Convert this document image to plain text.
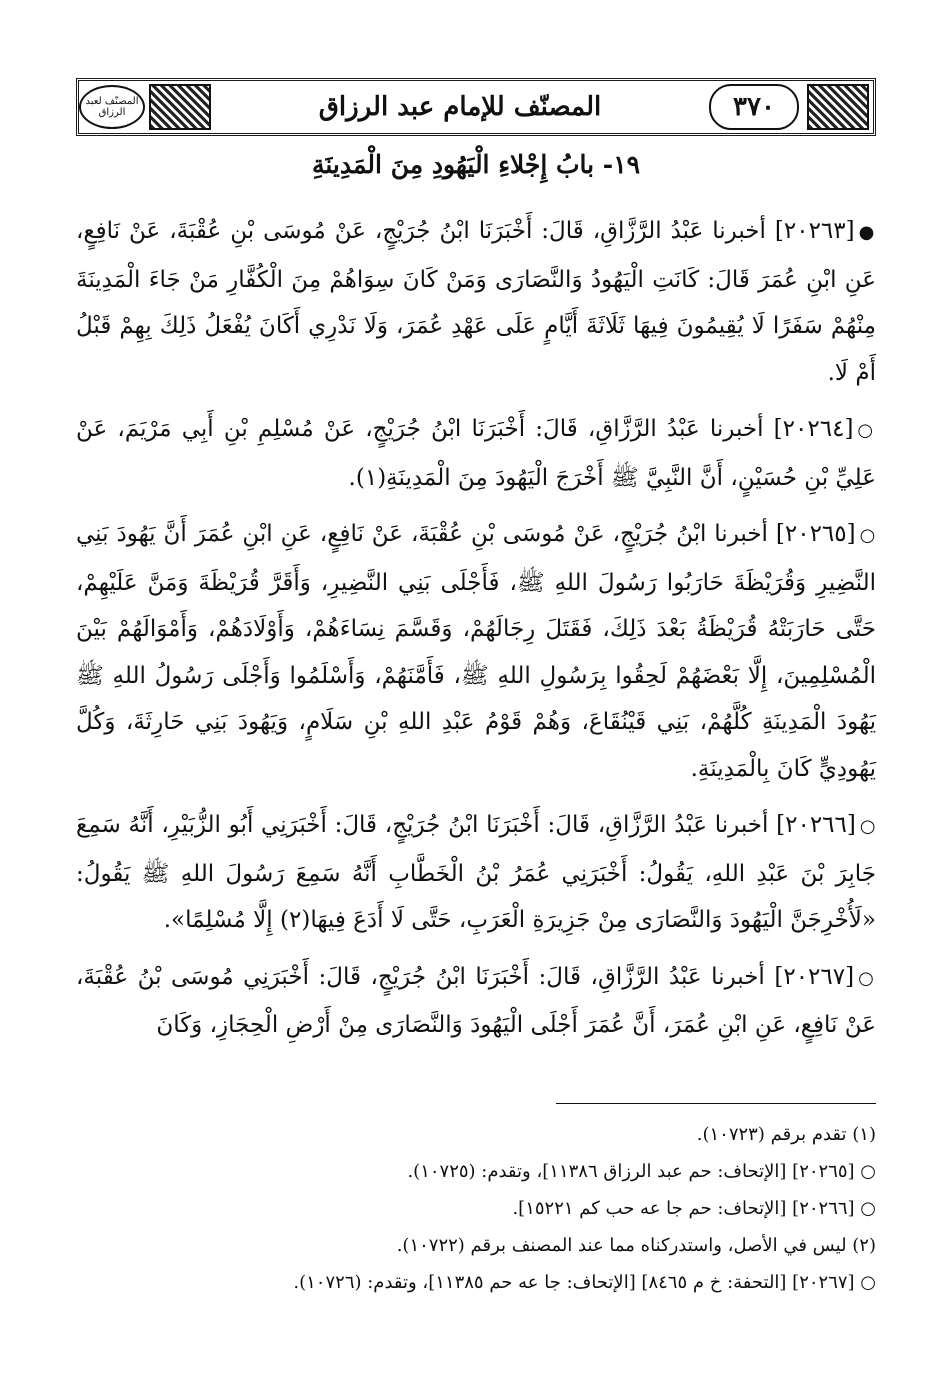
المصنّف لعبد الرزاق	المصنّف للإمام عبد الرزاق	٣٧٠
١٩- بابُ إِجْلاءِ الْيَهُودِ مِنَ الْمَدِينَةِ

●[٢٠٢٦٣] أخبرنا عَبْدُ الرَّزَّاقِ، قَالَ: أَخْبَرَنَا ابْنُ جُرَيْجٍ، عَنْ مُوسَى بْنِ عُقْبَةَ، عَنْ نَافِعٍ، عَنِ ابْنِ عُمَرَ قَالَ: كَانَتِ الْيَهُودُ وَالنَّصَارَى وَمَنْ كَانَ سِوَاهُمْ مِنَ الْكُفَّارِ مَنْ جَاءَ الْمَدِينَةَ مِنْهُمْ سَفَرًا لَا يُقِيمُونَ فِيهَا ثَلَاثَةَ أَيَّامٍ عَلَى عَهْدِ عُمَرَ، وَلَا نَدْرِي أَكَانَ يُفْعَلُ ذَلِكَ بِهِمْ قَبْلُ أَمْ لَا.

○[٢٠٢٦٤] أخبرنا عَبْدُ الرَّزَّاقِ، قَالَ: أَخْبَرَنَا ابْنُ جُرَيْجٍ، عَنْ مُسْلِمِ بْنِ أَبِي مَرْيَمَ، عَنْ عَلِيِّ بْنِ حُسَيْنٍ، أَنَّ النَّبِيَّ ﷺ أَخْرَجَ الْيَهُودَ مِنَ الْمَدِينَةِ(١).

○[٢٠٢٦٥] أخبرنا ابْنُ جُرَيْجٍ، عَنْ مُوسَى بْنِ عُقْبَةَ، عَنْ نَافِعٍ، عَنِ ابْنِ عُمَرَ أَنَّ يَهُودَ بَنِي النَّضِيرِ وَقُرَيْظَةَ حَارَبُوا رَسُولَ اللهِ ﷺ، فَأَجْلَى بَنِي النَّضِيرِ، وَأَقَرَّ قُرَيْظَةَ وَمَنَّ عَلَيْهِمْ، حَتَّى حَارَبَتْهُ قُرَيْظَةُ بَعْدَ ذَلِكَ، فَقَتَلَ رِجَالَهُمْ، وَقَسَّمَ نِسَاءَهُمْ، وَأَوْلَادَهُمْ، وَأَمْوَالَهُمْ بَيْنَ الْمُسْلِمِينَ، إِلَّا بَعْضَهُمْ لَحِقُوا بِرَسُولِ اللهِ ﷺ، فَأَمَّنَهُمْ، وَأَسْلَمُوا وَأَجْلَى رَسُولُ اللهِ ﷺ يَهُودَ الْمَدِينَةِ كُلَّهُمْ، بَنِي قَيْنُقَاعَ، وَهُمْ قَوْمُ عَبْدِ اللهِ بْنِ سَلَامٍ، وَيَهُودَ بَنِي حَارِثَةَ، وَكُلَّ يَهُودِيٍّ كَانَ بِالْمَدِينَةِ.

○[٢٠٢٦٦] أخبرنا عَبْدُ الرَّزَّاقِ، قَالَ: أَخْبَرَنَا ابْنُ جُرَيْجٍ، قَالَ: أَخْبَرَنِي أَبُو الزُّبَيْرِ، أَنَّهُ سَمِعَ جَابِرَ بْنَ عَبْدِ اللهِ، يَقُولُ: أَخْبَرَنِي عُمَرُ بْنُ الْخَطَّابِ أَنَّهُ سَمِعَ رَسُولَ اللهِ ﷺ يَقُولُ: «لَأُخْرِجَنَّ الْيَهُودَ وَالنَّصَارَى مِنْ جَزِيرَةِ الْعَرَبِ، حَتَّى لَا أَدَعَ فِيهَا(٢) إِلَّا مُسْلِمًا».

○[٢٠٢٦٧] أخبرنا عَبْدُ الرَّزَّاقِ، قَالَ: أَخْبَرَنَا ابْنُ جُرَيْجٍ، قَالَ: أَخْبَرَنِي مُوسَى بْنُ عُقْبَةَ، عَنْ نَافِعٍ، عَنِ ابْنِ عُمَرَ، أَنَّ عُمَرَ أَجْلَى الْيَهُودَ وَالنَّصَارَى مِنْ أَرْضِ الْحِجَازِ، وَكَانَ

(١) تقدم برقم (١٠٧٢٣).
○ [٢٠٢٦٥] [الإتحاف: حم عبد الرزاق ١١٣٨٦]، وتقدم: (١٠٧٢٥).
○ [٢٠٢٦٦] [الإتحاف: حم جا عه حب كم ١٥٢٢١].
(٢) ليس في الأصل، واستدركناه مما عند المصنف برقم (١٠٧٢٢).
○ [٢٠٢٦٧] [التحفة: خ م ٨٤٦٥] [الإتحاف: جا عه حم ١١٣٨٥]، وتقدم: (١٠٧٢٦).
